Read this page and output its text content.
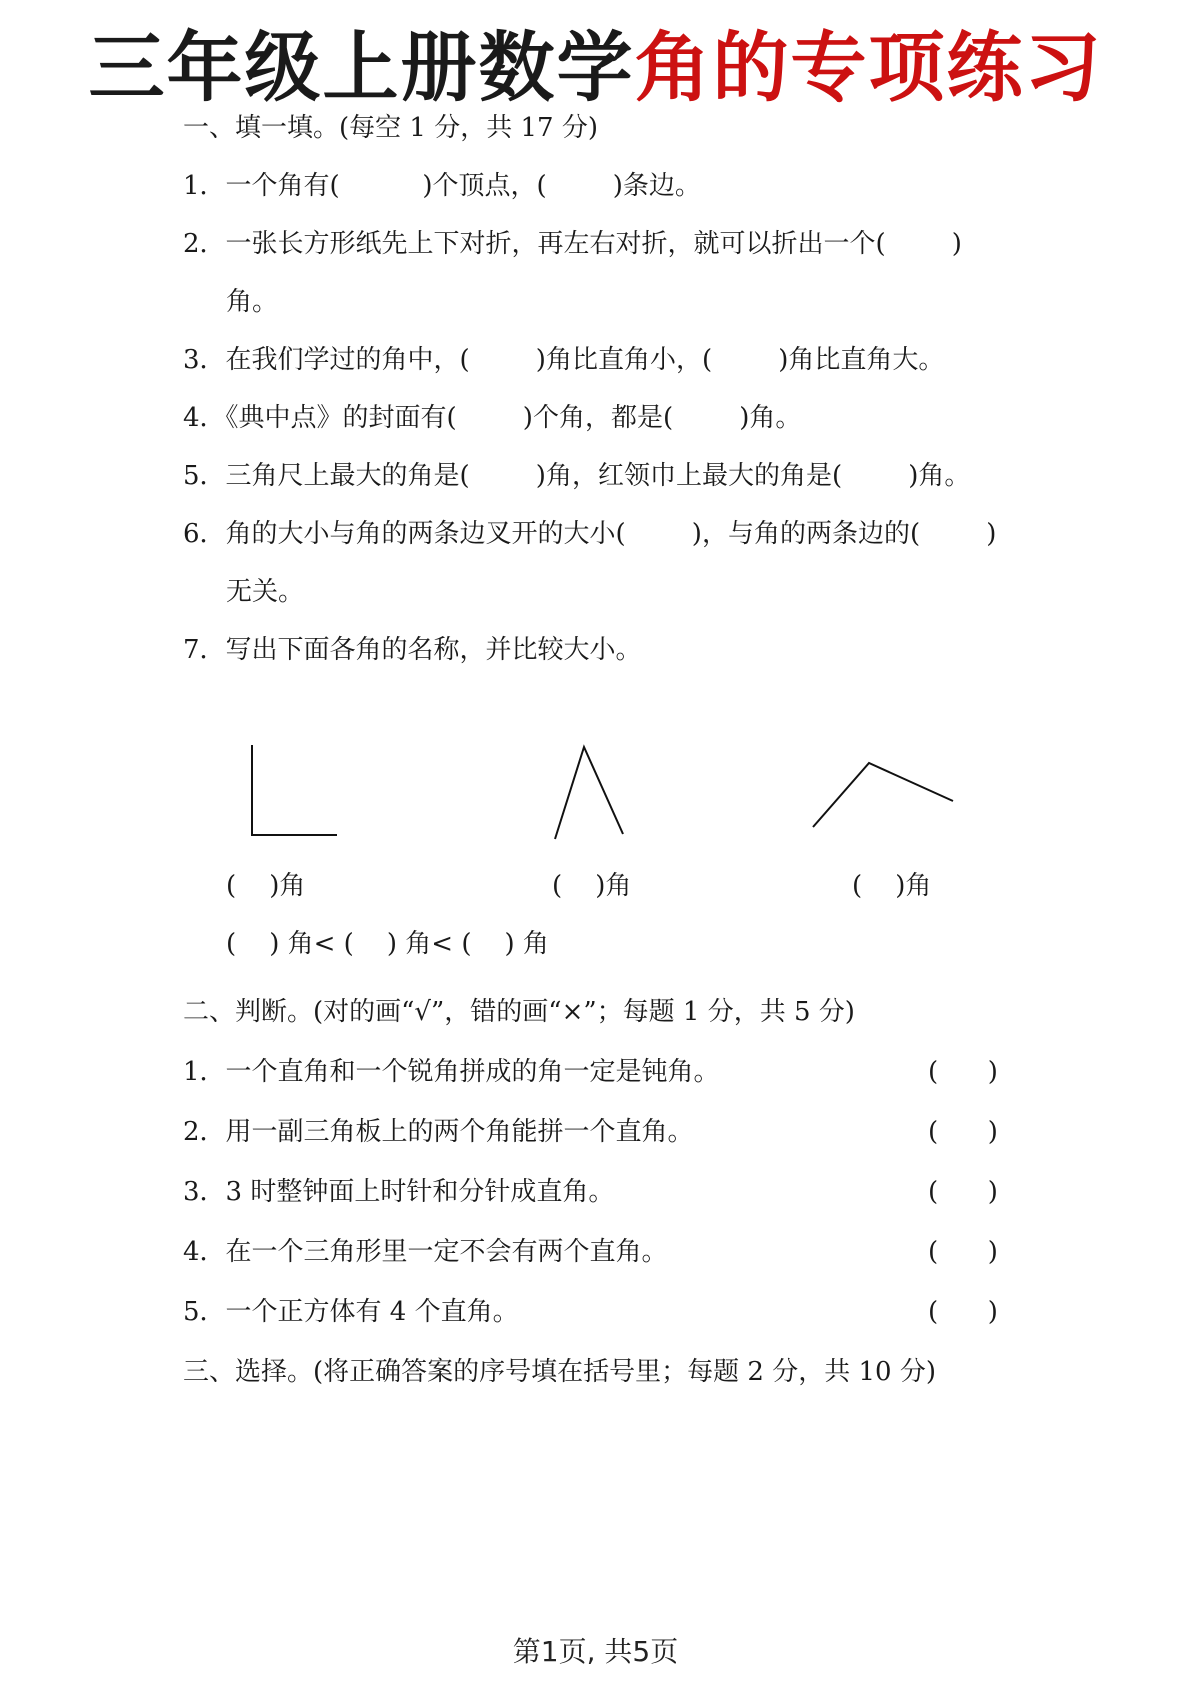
三年级上册数学角的专项练习
一、填一填。(每空 1 分，共 17 分)
1．一个角有(          )个顶点，(        )条边。
2．一张长方形纸先上下对折，再左右对折，就可以折出一个(        )
角。
3．在我们学过的角中，(        )角比直角小，(        )角比直角大。
4．《典中点》的封面有(        )个角，都是(        )角。
5．三角尺上最大的角是(        )角，红领巾上最大的角是(        )角。
6．角的大小与角的两条边叉开的大小(        )，与角的两条边的(        )
无关。
7．写出下面各角的名称，并比较大小。
(    )角	(    )角	(    )角
(    ) 角< (    ) 角< (    ) 角
二、判断。(对的画“√”，错的画“×”；每题 1 分，共 5 分)
1．一个直角和一个锐角拼成的角一定是钝角。	(      )
2．用一副三角板上的两个角能拼一个直角。	(      )
3．3 时整钟面上时针和分针成直角。	(      )
4．在一个三角形里一定不会有两个直角。	(      )
5．一个正方体有 4 个直角。	(      )
三、选择。(将正确答案的序号填在括号里；每题 2 分，共 10 分)
第1页, 共5页
